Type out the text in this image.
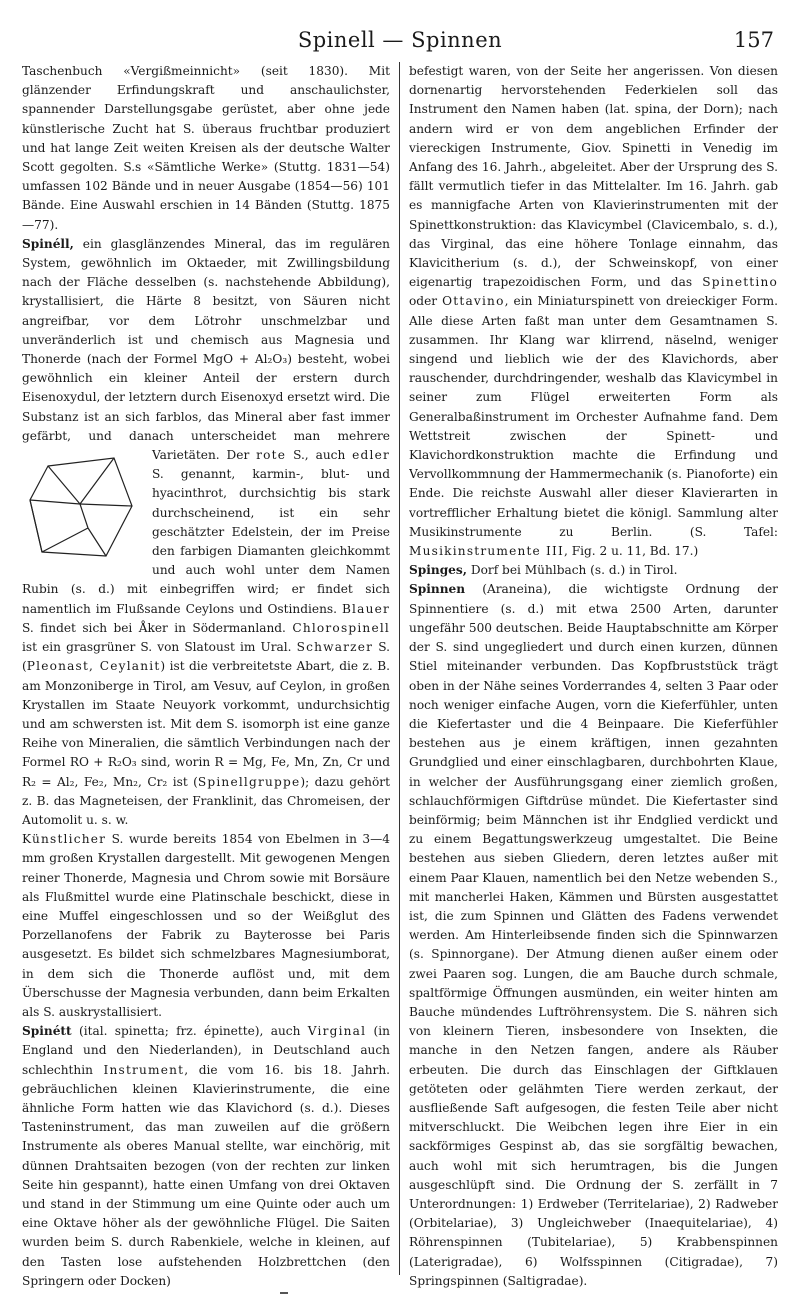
Spinell — Spinnen	157

Taschenbuch «Vergißmeinnicht» (seit 1830). Mit glänzender Erfindungskraft und anschaulichster, spannender Darstellungsgabe gerüstet, aber ohne jede künstlerische Zucht hat S. überaus fruchtbar produziert und hat lange Zeit weiten Kreisen als der deutsche Walter Scott gegolten. S.s «Sämtliche Werke» (Stuttg. 1831—54) umfassen 102 Bände und in neuer Ausgabe (1854—56) 101 Bände. Eine Auswahl erschien in 14 Bänden (Stuttg. 1875—77).

Spinéll, ein glasglänzendes Mineral, das im regulären System, gewöhnlich im Oktaeder, mit Zwillingsbildung nach der Fläche desselben (s. nachstehende Abbildung), krystallisiert, die Härte 8 besitzt, von Säuren nicht angreifbar, vor dem Lötrohr unschmelzbar und unveränderlich ist und chemisch aus Magnesia und Thonerde (nach der Formel MgO + Al₂O₃) besteht, wobei gewöhnlich ein kleiner Anteil der erstern durch Eisenoxydul, der letztern durch Eisenoxyd ersetzt wird. Die Substanz ist an sich farblos, das Mineral aber fast immer gefärbt, und danach unterscheidet man mehrere Varietäten. Der
rote S., auch edler S. genannt, karmin-, blut- und hyacinthrot, durchsichtig bis stark durchscheinend, ist ein sehr geschätzter Edelstein, der im Preise den farbigen Diamanten gleichkommt und auch wohl unter dem Namen Rubin (s. d.) mit einbegriffen wird; er findet sich namentlich im Flußsande Ceylons und Ostindiens. Blauer S. findet sich bei Åker in Södermanland. Chlorospinell ist ein grasgrüner S. von Slatoust im Ural. Schwarzer S. (Pleonast, Ceylanit) ist die verbreitetste Abart, die z. B. am Monzoniberge in Tirol, am Vesuv, auf Ceylon, in großen Krystallen im Staate Neuyork vorkommt, undurchsichtig und am schwersten ist. Mit dem S. isomorph ist eine ganze Reihe von Mineralien, die sämtlich Verbindungen nach der Formel RO + R₂O₃ sind, worin R = Mg, Fe, Mn, Zn, Cr und R₂ = Al₂, Fe₂, Mn₂, Cr₂ ist (Spinellgruppe); dazu gehört z. B. das Magneteisen, der Franklinit, das Chromeisen, der Automolit u. s. w.

Künstlicher S. wurde bereits 1854 von Ebelmen in 3—4 mm großen Krystallen dargestellt. Mit gewogenen Mengen reiner Thonerde, Magnesia und Chrom sowie mit Borsäure als Flußmittel wurde eine Platinschale beschickt, diese in eine Muffel eingeschlossen und so der Weißglut des Porzellanofens der Fabrik zu Bayterosse bei Paris ausgesetzt. Es bildet sich schmelzbares Magnesiumborat, in dem sich die Thonerde auflöst und, mit dem Überschusse der Magnesia verbunden, dann beim Erkalten als S. auskrystallisiert.

Spinétt (ital. spinetta; frz. épinette), auch Virginal (in England und den Niederlanden), in Deutschland auch schlechthin Instrument, die vom 16. bis 18. Jahrh. gebräuchlichen kleinen Klavierinstrumente, die eine ähnliche Form hatten wie das Klavichord (s. d.). Dieses Tasteninstrument, das man zuweilen auf die größern Instrumente als oberes Manual stellte, war einchörig, mit dünnen Drahtsaiten bezogen (von der rechten zur linken Seite hin gespannt), hatte einen Umfang von drei Oktaven und stand in der Stimmung um eine Quinte oder auch um eine Oktave höher als der gewöhnliche Flügel. Die Saiten wurden beim S. durch Rabenkiele, welche in kleinen, auf den Tasten lose aufstehenden Holzbrettchen (den Springern oder Docken)

befestigt waren, von der Seite her angerissen. Von diesen dornenartig hervorstehenden Federkielen soll das Instrument den Namen haben (lat. spina, der Dorn); nach andern wird er von dem angeblichen Erfinder der viereckigen Instrumente, Giov. Spinetti in Venedig im Anfang des 16. Jahrh., abgeleitet. Aber der Ursprung des S. fällt vermutlich tiefer in das Mittelalter. Im 16. Jahrh. gab es mannigfache Arten von Klavierinstrumenten mit der Spinettkonstruktion: das Klavicymbel (Clavicembalo, s. d.), das Virginal, das eine höhere Tonlage einnahm, das Klavicitherium (s. d.), der Schweinskopf, von einer eigenartig trapezoidischen Form, und das Spinettino oder Ottavino, ein Miniaturspinett von dreieckiger Form. Alle diese Arten faßt man unter dem Gesamtnamen S. zusammen. Ihr Klang war klirrend, näselnd, weniger singend und lieblich wie der des Klavichords, aber rauschender, durchdringender, weshalb das Klavicymbel in seiner zum Flügel erweiterten Form als Generalbaßinstrument im Orchester Aufnahme fand. Dem Wettstreit zwischen der Spinett- und Klavichordkonstruktion machte die Erfindung und Vervollkommnung der Hammermechanik (s. Pianoforte) ein Ende. Die reichste Auswahl aller dieser Klavierarten in vortrefflicher Erhaltung bietet die königl. Sammlung alter Musikinstrumente zu Berlin. (S. Tafel: Musikinstrumente III, Fig. 2 u. 11, Bd. 17.)

Spinges, Dorf bei Mühlbach (s. d.) in Tirol.

Spinnen (Araneina), die wichtigste Ordnung der Spinnentiere (s. d.) mit etwa 2500 Arten, darunter ungefähr 500 deutschen. Beide Hauptabschnitte am Körper der S. sind ungegliedert und durch einen kurzen, dünnen Stiel miteinander verbunden. Das Kopfbruststück trägt oben in der Nähe seines Vorderrandes 4, selten 3 Paar oder noch weniger einfache Augen, vorn die Kieferfühler, unten die Kiefertaster und die 4 Beinpaare. Die Kieferfühler bestehen aus je einem kräftigen, innen gezahnten Grundglied und einer einschlagbaren, durchbohrten Klaue, in welcher der Ausführungsgang einer ziemlich großen, schlauchförmigen Giftdrüse mündet. Die Kiefertaster sind beinförmig; beim Männchen ist ihr Endglied verdickt und zu einem Begattungswerkzeug umgestaltet. Die Beine bestehen aus sieben Gliedern, deren letztes außer mit einem Paar Klauen, namentlich bei den Netze webenden S., mit mancherlei Haken, Kämmen und Bürsten ausgestattet ist, die zum Spinnen und Glätten des Fadens verwendet werden. Am Hinterleibsende finden sich die Spinnwarzen (s. Spinnorgane). Der Atmung dienen außer einem oder zwei Paaren sog. Lungen, die am Bauche durch schmale, spaltförmige Öffnungen ausmünden, ein weiter hinten am Bauche mündendes Luftröhrensystem. Die S. nähren sich von kleinern Tieren, insbesondere von Insekten, die manche in den Netzen fangen, andere als Räuber erbeuten. Die durch das Einschlagen der Giftklauen getöteten oder gelähmten Tiere werden zerkaut, der ausfließende Saft aufgesogen, die festen Teile aber nicht mitverschluckt. Die Weibchen legen ihre Eier in ein sackförmiges Gespinst ab, das sie sorgfältig bewachen, auch wohl mit sich herumtragen, bis die Jungen ausgeschlüpft sind. Die Ordnung der S. zerfällt in 7 Unterordnungen: 1) Erdweber (Territelariae), 2) Radweber (Orbitelariae), 3) Ungleichweber (Inaequitelariae), 4) Röhrenspinnen (Tubitelariae), 5) Krabbenspinnen (Laterigradae), 6) Wolfsspinnen (Citigradae), 7) Springspinnen (Saltigradae).
